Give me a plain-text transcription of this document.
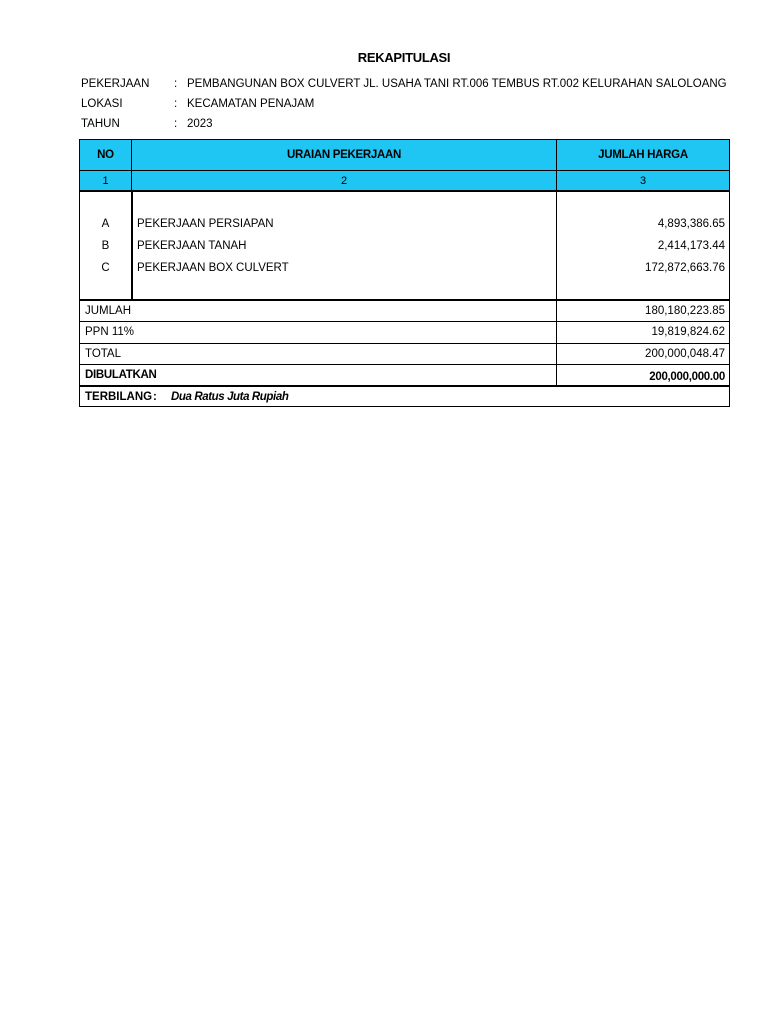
REKAPITULASI
PEKERJAAN : PEMBANGUNAN BOX CULVERT JL. USAHA TANI RT.006 TEMBUS RT.002 KELURAHAN SALOLOANG
LOKASI	: KECAMATAN PENAJAM
TAHUN	: 2023
NO	URAIAN PEKERJAAN	JUMLAH HARGA
1	2	3
A	PEKERJAAN PERSIAPAN	4,893,386.65
B	PEKERJAAN TANAH	2,414,173.44
C	PEKERJAAN BOX CULVERT	172,872,663.76
JUMLAH	180,180,223.85
PPN 11%	19,819,824.62
TOTAL	200,000,048.47
DIBULATKAN	200,000,000.00
TERBILANG : Dua Ratus Juta Rupiah
